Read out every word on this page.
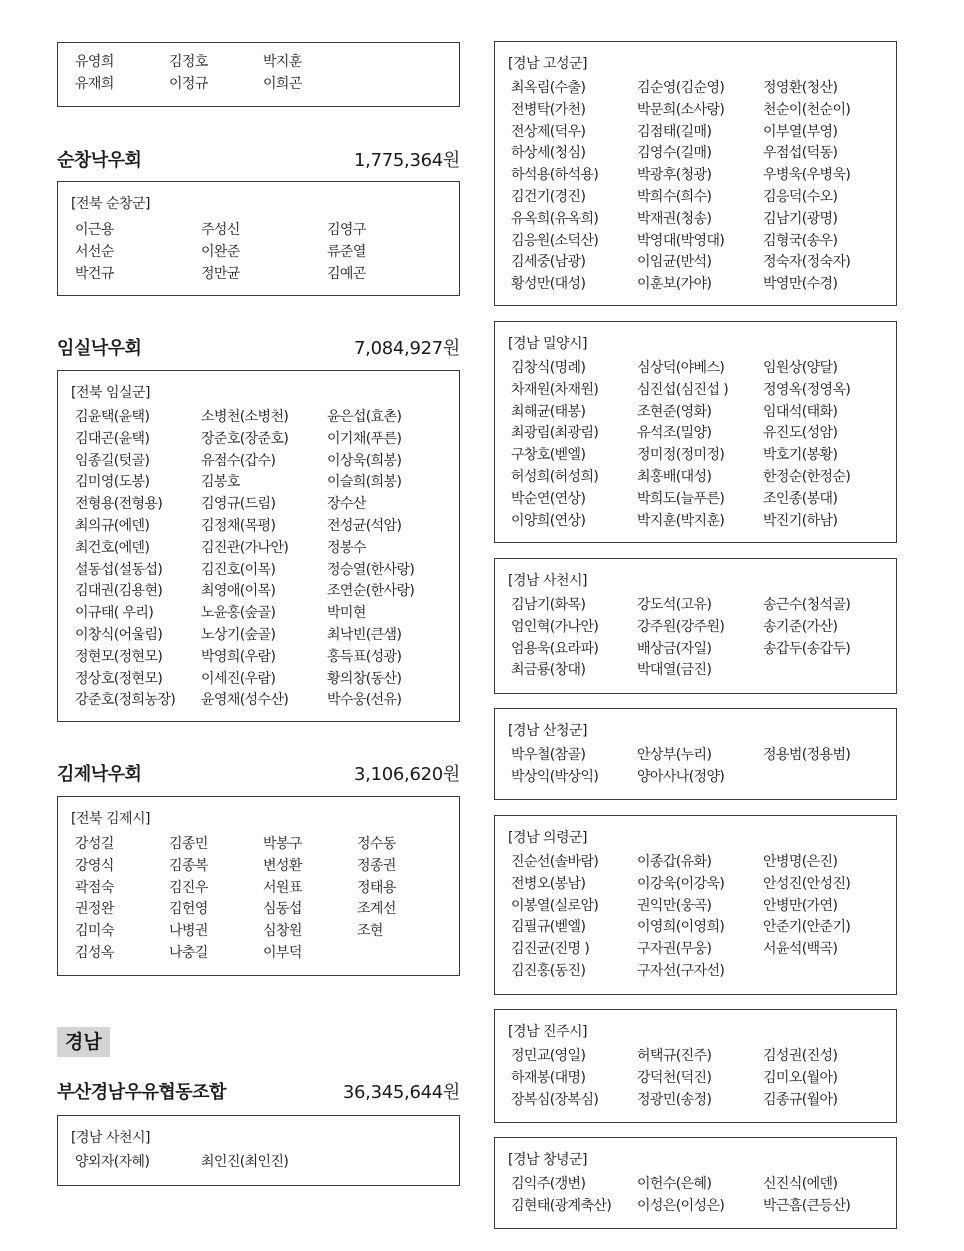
유영희	김정호	박지훈
유재희	이정규	이희곤
순창낙우회	1,775,364원
[전북 순창군]
이근용	주성신	김영구
서선순	이완준	류준열
박건규	정만균	김예곤
임실낙우회	7,084,927원
[전북 임실군]
김윤택(윤택)	소병천(소병천)	윤은섭(효촌)
김대곤(윤택)	장준호(장준호)	이기채(푸른)
임종길(텃골)	유점수(갑수)	이상욱(희봉)
김미영(도봉)	김봉호	이슬희(희봉)
전형용(전형용)	김영규(드림)	장수산
최의규(에덴)	김정채(목평)	전성균(석암)
최건호(에덴)	김진관(가나안)	정봉수
설동섭(설동섭)	김진호(이목)	정승열(한사랑)
김대권(김용현)	최영애(이목)	조연순(한사랑)
이규태( 우리)	노윤홍(숲골)	박미현
이창식(어울림)	노상기(숲골)	최낙빈(큰샘)
정현모(정현모)	박영희(우람)	홍득표(성광)
정상호(정현모)	이세진(우람)	황의창(동산)
강준호(정희농장)	윤영채(성수산)	박수웅(선유)
김제낙우회	3,106,620원
[전북 김제시]
강성길	김종민	박봉구	정수동
강영식	김종복	변성환	정종권
곽점숙	김진우	서원표	정태용
권정완	김헌영	심동섭	조계선
김미숙	나병권	심창원	조현
김성옥	나충길	이부덕
경남
부산경남우유협동조합	36,345,644원
[경남 사천시]
양외자(자혜)	최인진(최인진)
[경남 고성군]
최옥림(수출)	김순영(김순영)	정영환(청산)
전병탁(가천)	박문희(소사랑)	천순이(천순이)
전상제(덕우)	김점태(길매)	이부열(부영)
하상세(청심)	김영수(길매)	우점섭(덕동)
하석용(하석용)	박광후(청광)	우병욱(우병욱)
김건기(경진)	박희수(희수)	김응덕(수오)
유옥희(유옥희)	박재권(청송)	김남기(광명)
김응원(소덕산)	박영대(박영대)	김형국(송우)
김세중(남광)	이임균(반석)	정숙자(정숙자)
황성만(대성)	이훈보(가야)	박영만(수경)
[경남 밀양시]
김창식(명례)	심상덕(야베스)	임원상(양달)
차재원(차재원)	심진섭(심진섭 )	정영옥(정영옥)
최해균(태봉)	조현준(영화)	임대석(태화)
최광림(최광림)	유석조(밀양)	유진도(성암)
구창호(벧엘)	정미정(정미정)	박호기(봉황)
허성희(허성희)	최홍배(대성)	한정순(한정순)
박순연(연상)	박희도(늘푸른)	조인종(봉대)
이양희(연상)	박지훈(박지훈)	박진기(하남)
[경남 사천시]
김남기(화목)	강도석(고유)	송근수(청석골)
엄인혁(가나안)	강주원(강주원)	송기준(가산)
엄용욱(요라파)	배상금(자일)	송갑두(송갑두)
최금룡(창대)	박대열(금진)
[경남 산청군]
박우철(참골)	안상부(누리)	정용범(정용범)
박상익(박상익)	양아사나(정양)
[경남 의령군]
진순선(솔바람)	이종갑(유화)	안병명(은진)
전병오(봉남)	이강욱(이강욱)	안성진(안성진)
이봉열(실로암)	권익만(웅곡)	안병만(가연)
김필규(벧엘)	이영희(이영희)	안준기(안준기)
김진균(진명 )	구자권(무웅)	서윤석(백곡)
김진홍(동진)	구자선(구자선)
[경남 진주시]
정민교(영일)	허택규(진주)	김성권(진성)
하재봉(대명)	강덕천(덕진)	김미오(월아)
장복심(장복심)	정광민(송정)	김종규(월아)
[경남 창녕군]
김익주(갱변)	이헌수(은혜)	신진식(에덴)
김현태(광계축산)	이성은(이성은)	박근흠(큰등산)
